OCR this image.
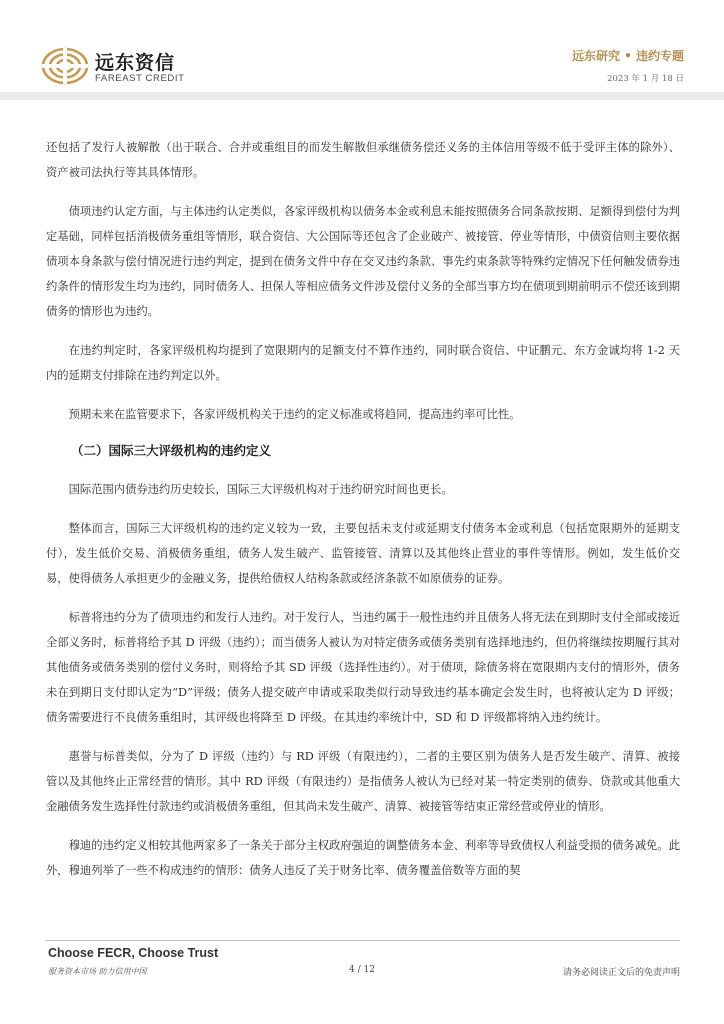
远东资信
FAREAST CREDIT
远东研究 • 违约专题
2023 年 1 月 18 日

还包括了发行人被解散（出于联合、合并或重组目的而发生解散但承继债务偿还义务的主体信用等级不低于受评主体的除外）、资产被司法执行等其具体情形。

债项违约认定方面，与主体违约认定类似，各家评级机构以债务本金或利息未能按照债务合同条款按期、足额得到偿付为判定基础，同样包括消极债务重组等情形，联合资信、大公国际等还包含了企业破产、被接管、停业等情形，中债资信则主要依据债项本身条款与偿付情况进行违约判定，提到在债务文件中存在交叉违约条款、事先约束条款等特殊约定情况下任何触发债券违约条件的情形发生均为违约，同时债务人、担保人等相应债务文件涉及偿付义务的全部当事方均在债项到期前明示不偿还该到期债务的情形也为违约。

在违约判定时，各家评级机构均提到了宽限期内的足额支付不算作违约，同时联合资信、中证鹏元、东方金诚均将 1-2 天内的延期支付排除在违约判定以外。

预期未来在监管要求下，各家评级机构关于违约的定义标准或将趋同，提高违约率可比性。

（二）国际三大评级机构的违约定义

国际范围内债券违约历史较长，国际三大评级机构对于违约研究时间也更长。

整体而言，国际三大评级机构的违约定义较为一致，主要包括未支付或延期支付债务本金或利息（包括宽限期外的延期支付），发生低价交易、消极债务重组，债务人发生破产、监管接管、清算以及其他终止营业的事件等情形。例如，发生低价交易，使得债务人承担更少的金融义务，提供给债权人结构条款或经济条款不如原债券的证券。

标普将违约分为了债项违约和发行人违约。对于发行人，当违约属于一般性违约并且债务人将无法在到期时支付全部或接近全部义务时，标普将给予其 D 评级（违约）；而当债务人被认为对特定债务或债务类别有选择地违约，但仍将继续按期履行其对其他债务或债务类别的偿付义务时，则将给予其 SD 评级（选择性违约）。对于债项，除债务将在宽限期内支付的情形外，债务未在到期日支付即认定为“D”评级；债务人提交破产申请或采取类似行动导致违约基本确定会发生时，也将被认定为 D 评级；债务需要进行不良债务重组时，其评级也将降至 D 评级。在其违约率统计中，SD 和 D 评级都将纳入违约统计。

惠誉与标普类似，分为了 D 评级（违约）与 RD 评级（有限违约），二者的主要区别为债务人是否发生破产、清算、被接管以及其他终止正常经营的情形。其中 RD 评级（有限违约）是指债务人被认为已经对某一特定类别的债券、贷款或其他重大金融债务发生选择性付款违约或消极债务重组，但其尚未发生破产、清算、被接管等结束正常经营或停业的情形。

穆迪的违约定义相较其他两家多了一条关于部分主权政府强迫的调整债务本金、利率等导致债权人利益受损的债务减免。此外，穆迪列举了一些不构成违约的情形：债务人违反了关于财务比率、债务覆盖倍数等方面的契

Choose FECR, Choose Trust
服务资本市场 助力信用中国	4 / 12	请务必阅读正文后的免责声明
